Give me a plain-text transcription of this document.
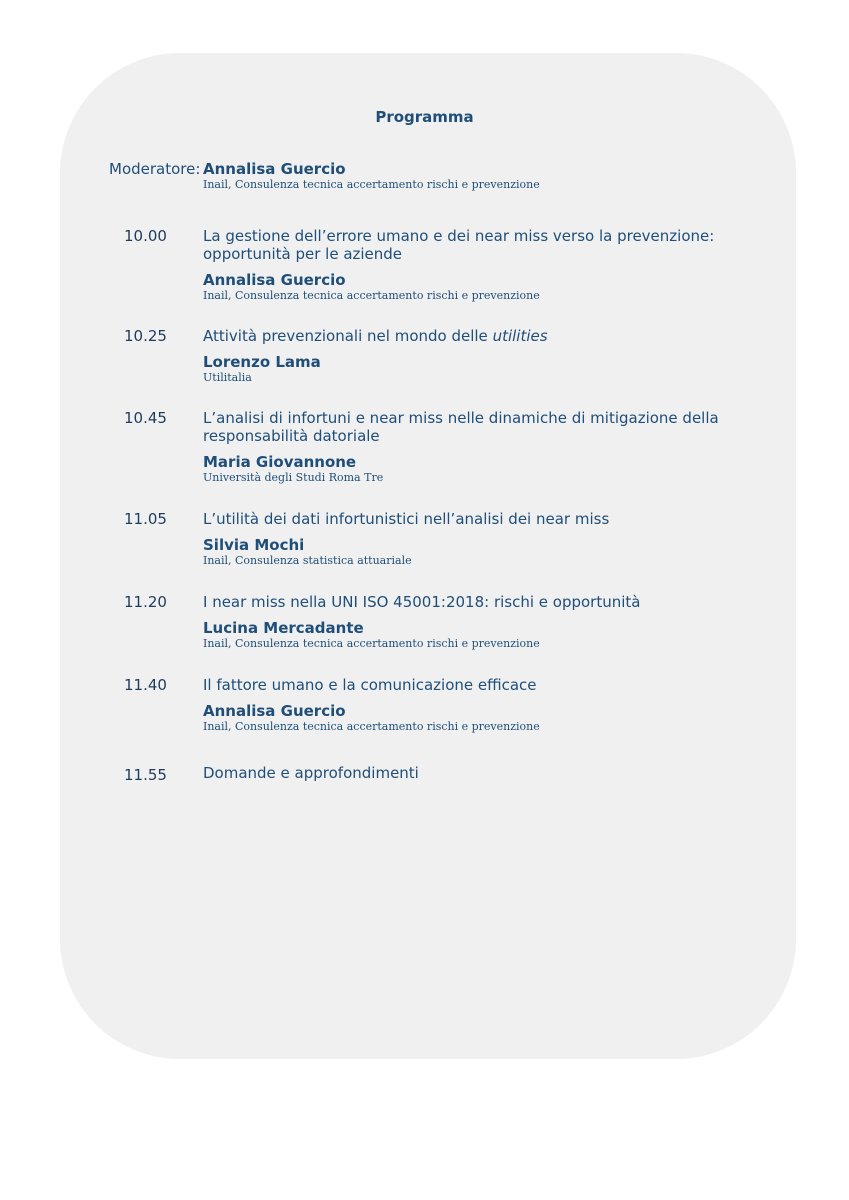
Programma
Moderatore: Annalisa Guercio
Inail, Consulenza tecnica accertamento rischi e prevenzione
10.00 La gestione dell’errore umano e dei near miss verso la prevenzione: opportunità per le aziende
Annalisa Guercio
Inail, Consulenza tecnica accertamento rischi e prevenzione
10.25 Attività prevenzionali nel mondo delle utilities
Lorenzo Lama
Utilitalia
10.45 L’analisi di infortuni e near miss nelle dinamiche di mitigazione della responsabilità datoriale
Maria Giovannone
Università degli Studi Roma Tre
11.05 L’utilità dei dati infortunistici nell’analisi dei near miss
Silvia Mochi
Inail, Consulenza statistica attuariale
11.20 I near miss nella UNI ISO 45001:2018: rischi e opportunità
Lucina Mercadante
Inail, Consulenza tecnica accertamento rischi e prevenzione
11.40 Il fattore umano e la comunicazione efficace
Annalisa Guercio
Inail, Consulenza tecnica accertamento rischi e prevenzione
11.55 Domande e approfondimenti
